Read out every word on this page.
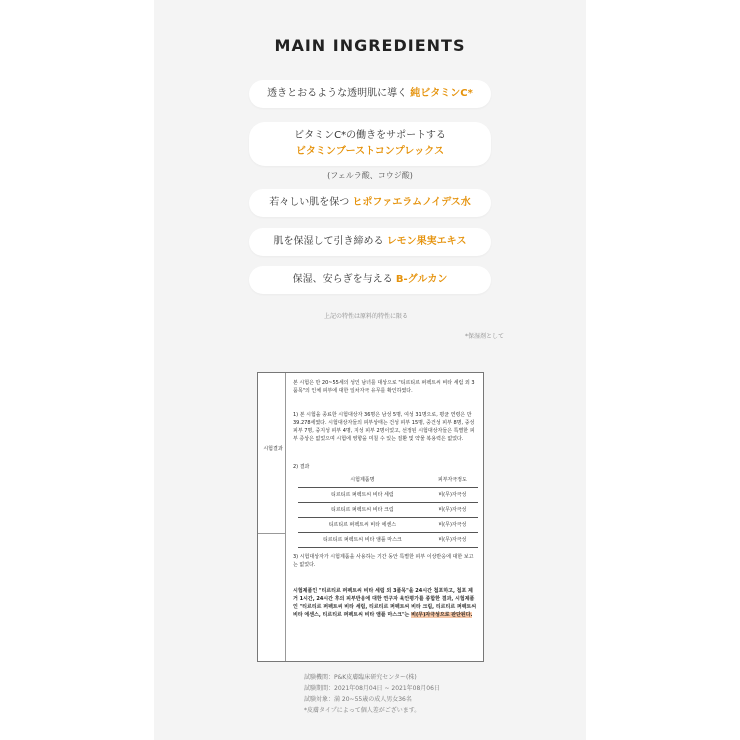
MAIN INGREDIENTS
透きとおるような透明肌に導く 純ビタミンC*
ビタミンC*の働きをサポートする
ビタミンブーストコンプレックス
(フェルラ酸、コウジ酸)
若々しい肌を保つ ヒポファエラムノイデス水
肌を保湿して引き締める レモン果実エキス
保湿、安らぎを与える B-グルカン
上記の特性は原料的特性に限る
*保湿剤として
시험결과
본 시험은 만 20~55세의 성인 남녀를 대상으로 "티르티르 퍼펙트씨 비타 세럼 외 3품목"의 인체 피부에 대한 일차자극 유무를 확인하였다.
1) 본 시험을 종료한 시험대상자 36명은 남성 5명, 여성 31명으로, 평균 연령은 만 39.278세였다. 시험대상자들의 피부상태는 건성 피부 15명, 중건성 피부 8명, 중성 피부 7명, 중지성 피부 4명, 지성 피부 2명이었고, 선정된 시험대상자들은 특별한 피부 증상은 없었으며 시험에 영향을 미칠 수 있는 질환 및 약물 복용력은 없었다.
2) 결과
시험제품명	피부자극정도
티르티르 퍼펙트씨 비타 세럼	비(무)자극성
티르티르 퍼펙트씨 비타 크림	비(무)자극성
티르티르 퍼펙트씨 비타 에센스	비(무)자극성
티르티르 퍼펙트씨 비타 앰플 마스크	비(무)자극성
3) 시험대상자가 시험제품을 사용하는 기간 동안 특별한 피부 이상반응에 대한 보고는 없었다.
시험제품인 "티르티르 퍼펙트씨 비타 세럼 외 3품목"을 24시간 첩포하고, 첩포 제거 1시간, 24시간 후의 피부반응에 대한 연구자 육안평가를 종합한 결과, 시험제품인 "티르티르 퍼펙트씨 비타 세럼, 티르티르 퍼펙트씨 비타 크림, 티르티르 퍼펙트씨 비타 에센스, 티르티르 퍼펙트씨 비타 앰플 마스크"는 비(무)자극성으로 판단된다.
試験機関：P&K皮膚臨床研究センター(株)
試験期間：2021年08月04日 ~ 2021年08月06日
試験対象：満 20~55歳の成人男女36名
*皮膚タイプによって個人差がございます。
